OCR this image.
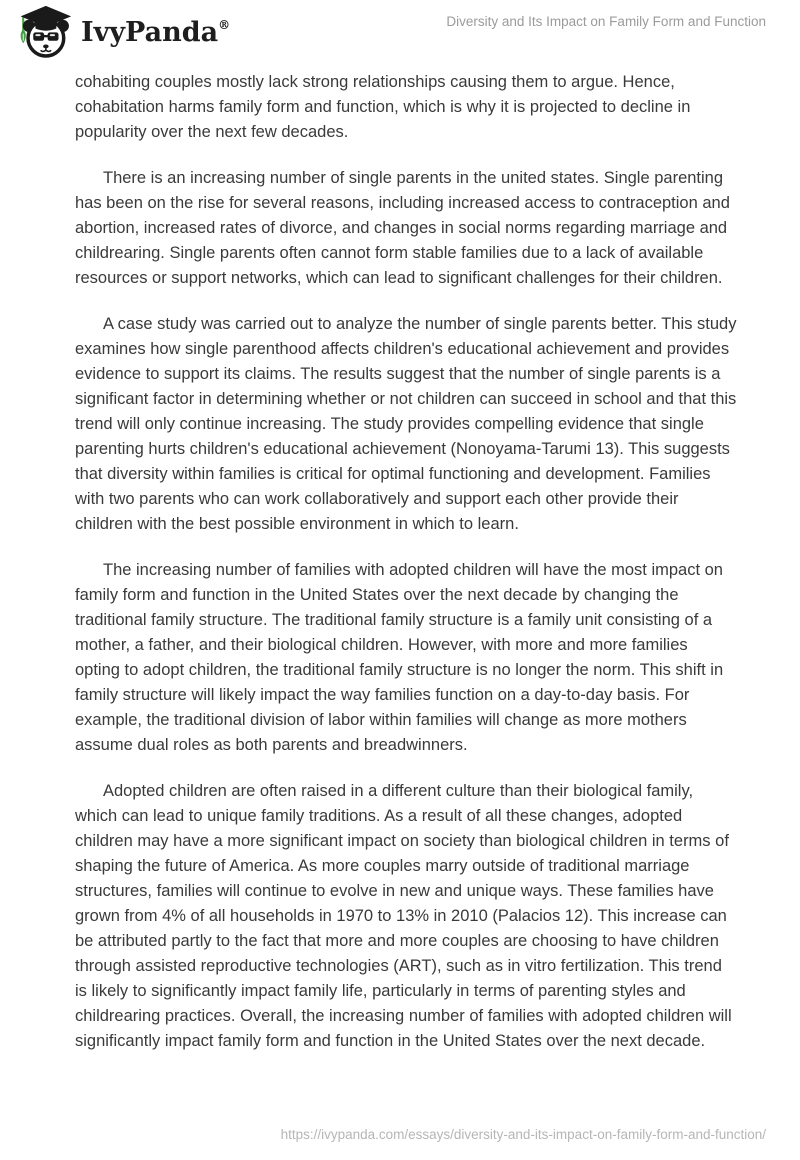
IvyPanda®	Diversity and Its Impact on Family Form and Function

cohabiting couples mostly lack strong relationships causing them to argue. Hence, cohabitation harms family form and function, which is why it is projected to decline in popularity over the next few decades.

There is an increasing number of single parents in the united states. Single parenting has been on the rise for several reasons, including increased access to contraception and abortion, increased rates of divorce, and changes in social norms regarding marriage and childrearing. Single parents often cannot form stable families due to a lack of available resources or support networks, which can lead to significant challenges for their children.

A case study was carried out to analyze the number of single parents better. This study examines how single parenthood affects children's educational achievement and provides evidence to support its claims. The results suggest that the number of single parents is a significant factor in determining whether or not children can succeed in school and that this trend will only continue increasing. The study provides compelling evidence that single parenting hurts children's educational achievement (Nonoyama-Tarumi 13). This suggests that diversity within families is critical for optimal functioning and development. Families with two parents who can work collaboratively and support each other provide their children with the best possible environment in which to learn.

The increasing number of families with adopted children will have the most impact on family form and function in the United States over the next decade by changing the traditional family structure. The traditional family structure is a family unit consisting of a mother, a father, and their biological children. However, with more and more families opting to adopt children, the traditional family structure is no longer the norm. This shift in family structure will likely impact the way families function on a day-to-day basis. For example, the traditional division of labor within families will change as more mothers assume dual roles as both parents and breadwinners.

Adopted children are often raised in a different culture than their biological family, which can lead to unique family traditions. As a result of all these changes, adopted children may have a more significant impact on society than biological children in terms of shaping the future of America. As more couples marry outside of traditional marriage structures, families will continue to evolve in new and unique ways. These families have grown from 4% of all households in 1970 to 13% in 2010 (Palacios 12). This increase can be attributed partly to the fact that more and more couples are choosing to have children through assisted reproductive technologies (ART), such as in vitro fertilization. This trend is likely to significantly impact family life, particularly in terms of parenting styles and childrearing practices. Overall, the increasing number of families with adopted children will significantly impact family form and function in the United States over the next decade.

https://ivypanda.com/essays/diversity-and-its-impact-on-family-form-and-function/
